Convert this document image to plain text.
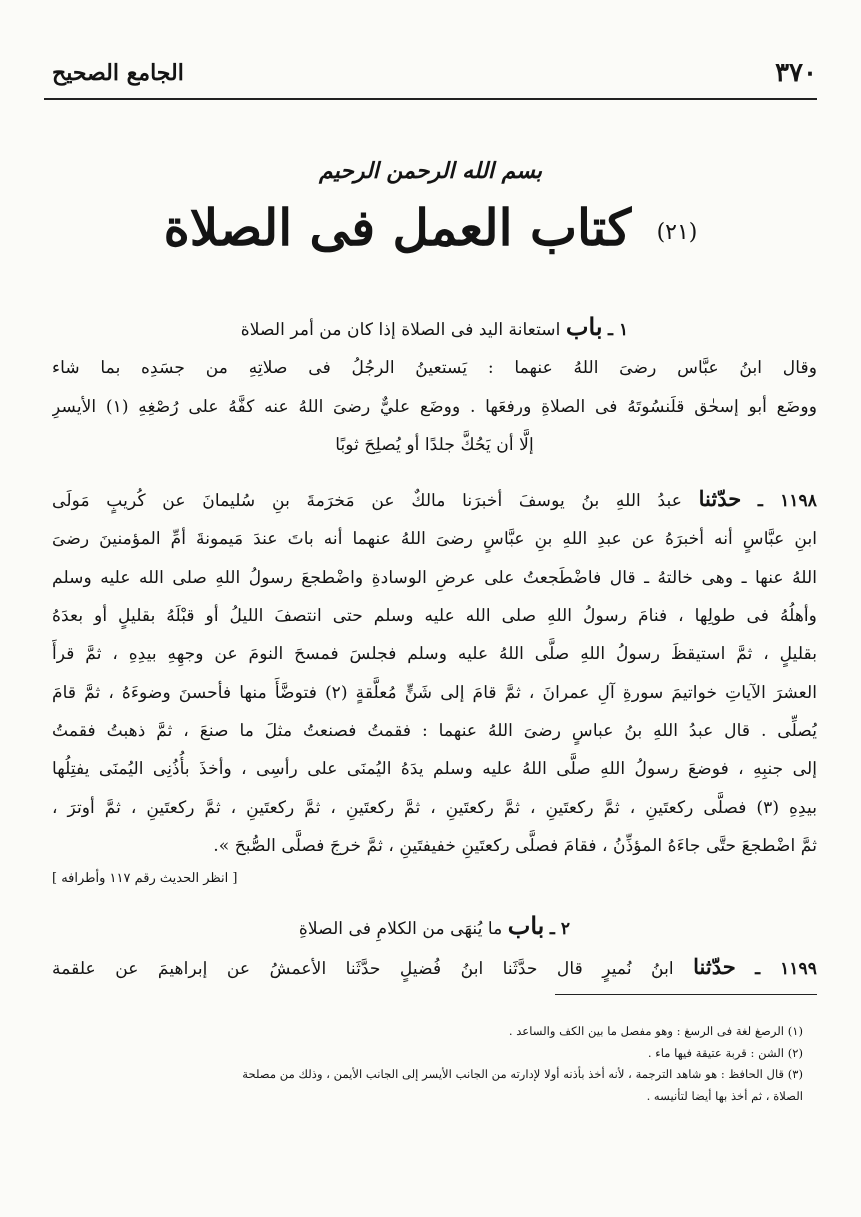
٣٧٠
الجامع الصحيح
بسم الله الرحمن الرحيم
(٢١) كتاب العمل فى الصلاة
١ ـ باب استعانة اليد فى الصلاة إذا كان من أمر الصلاة
وقال ابنُ عبَّاس رضىَ اللهُ عنهما : يَستعينُ الرجُلُ فى صلاتِهِ من جسَدِه بما شاء
ووضَع أبو إسحٰق قلَنسُوتَهُ فى الصلاةِ ورفعَها . ووضَع عليٌّ رضىَ اللهُ عنه كفَّهُ على رُصْغِهِ (١) الأيسرِ
إلَّا أن يَحُكَّ جلدًا أو يُصلِحَ ثوبًا
١١٩٨ ـ حدّثنا عبدُ اللهِ بنُ يوسفَ أخبرَنا مالكٌ عن مَخرَمةَ بنِ سُليمانَ عن كُريبٍ مَولَى
ابنِ عبَّاسٍ أنه أخبرَهُ عن عبدِ اللهِ بنِ عبَّاسٍ رضىَ اللهُ عنهما أنه باتَ عندَ مَيمونةَ أمِّ المؤمنينَ رضىَ
اللهُ عنها ـ وهى خالتهُ ـ قال فاضْطَجعتُ على عرضِ الوسادةِ واضْطجعَ رسولُ اللهِ صلى الله عليه وسلم
وأهلُهُ فى طولِها ، فنامَ رسولُ اللهِ صلى الله عليه وسلم حتى انتصفَ الليلُ أو قبْلَهُ بقليلٍ أو بعدَهُ
بقليلٍ ، ثمَّ استيقظَ رسولُ اللهِ صلَّى اللهُ عليه وسلم فجلسَ فمسحَ النومَ عن وجهِهِ بيدِهِ ، ثمَّ قرأَ
العشرَ الآياتِ خواتيمَ سورةِ آلِ عمرانَ ، ثمَّ قامَ إلى شَنٍّ مُعلَّقةٍ (٢) فتوضَّأَ منها فأحسنَ وضوءَهُ ، ثمَّ قامَ
يُصلِّى . قال عبدُ اللهِ بنُ عباسٍ رضىَ اللهُ عنهما : فقمتُ فصنعتُ مثلَ ما صنعَ ، ثمَّ ذهبتُ فقمتُ
إلى جنبِهِ ، فوضعَ رسولُ اللهِ صلَّى اللهُ عليه وسلم يدَهُ اليُمنَى على رأسِى ، وأخذَ بأُذُنِى اليُمنَى يفتِلُها
بيدِهِ (٣) فصلَّى ركعتَينِ ، ثمَّ ركعتَينِ ، ثمَّ ركعتَينِ ، ثمَّ ركعتَينِ ، ثمَّ ركعتَينِ ، ثمَّ ركعتَينِ ، ثمَّ أوترَ ،
ثمَّ اضْطجعَ حتَّى جاءَهُ المؤذِّنُ ، فقامَ فصلَّى ركعتَينِ خفيفتَينِ ، ثمَّ خرجَ فصلَّى الصُّبحَ ».
[ انظر الحديث رقم ١١٧ وأطرافه ]
٢ ـ باب ما يُنهَى من الكلامِ فى الصلاةِ
١١٩٩ ـ حدّثنا ابنُ نُميرٍ قال حدَّثَنا ابنُ فُضيلٍ حدَّثَنا الأعمشُ عن إبراهيمَ عن علقمة
(١) الرصغ لغة فى الرسغ : وهو مفصل ما بين الكف والساعد .
(٢) الشن : قربة عتيقة فيها ماء .
(٣) قال الحافظ : هو شاهد الترجمة ، لأنه أخذ بأذنه أولا لإدارته من الجانب الأيسر إلى الجانب الأيمن ، وذلك من مصلحة
الصلاة ، ثم أخذ بها أيضا لتأنيسه .
